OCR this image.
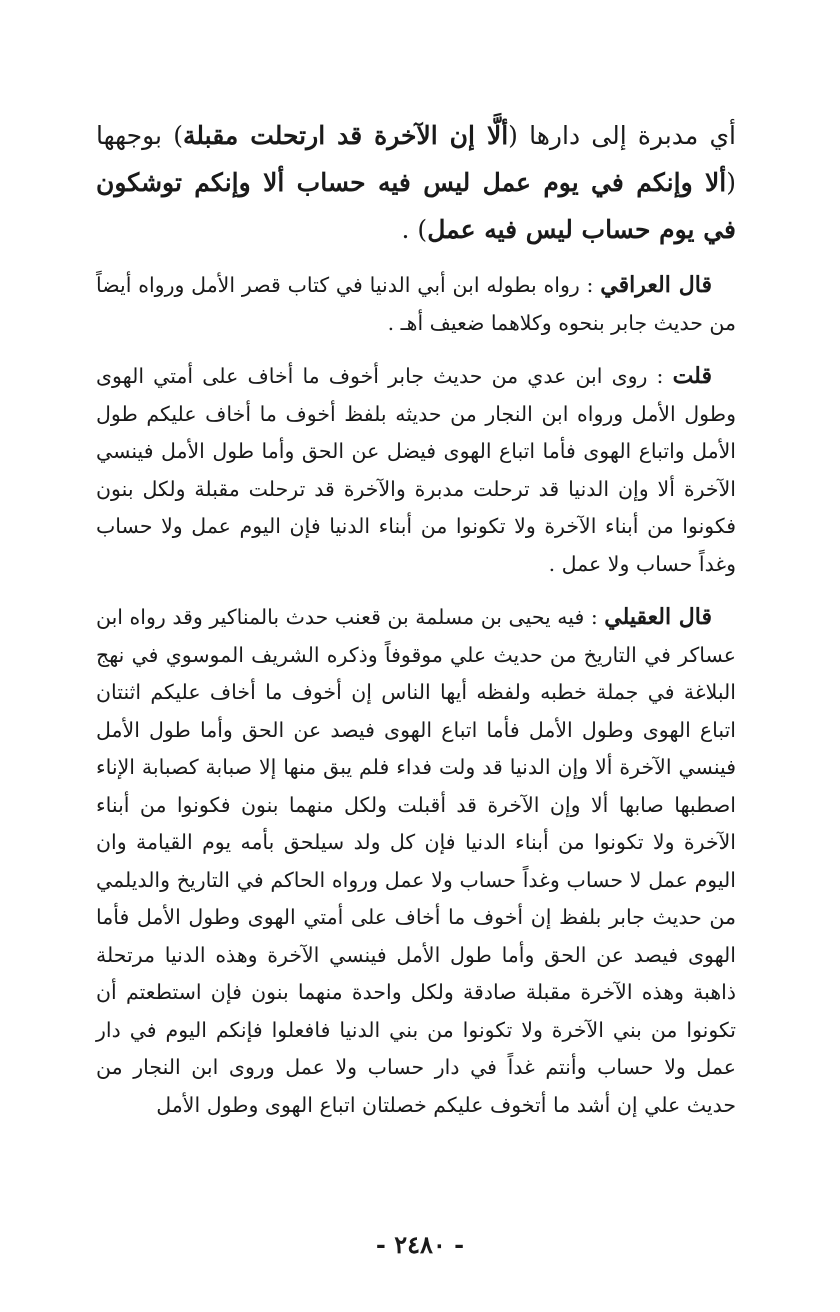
أي مدبرة إلى دارها (ألَّا إن الآخرة قد ارتحلت مقبلة) بوجهها (ألا وإنكم في يوم عمل ليس فيه حساب ألا وإنكم توشكون في يوم حساب ليس فيه عمل) .

قال العراقي : رواه بطوله ابن أبي الدنيا في كتاب قصر الأمل ورواه أيضاً من حديث جابر بنحوه وكلاهما ضعيف أهـ .

قلت : روى ابن عدي من حديث جابر أخوف ما أخاف على أمتي الهوى وطول الأمل ورواه ابن النجار من حديثه بلفظ أخوف ما أخاف عليكم طول الأمل واتباع الهوى فأما اتباع الهوى فيضل عن الحق وأما طول الأمل فينسي الآخرة ألا وإن الدنيا قد ترحلت مدبرة والآخرة قد ترحلت مقبلة ولكل بنون فكونوا من أبناء الآخرة ولا تكونوا من أبناء الدنيا فإن اليوم عمل ولا حساب وغداً حساب ولا عمل .

قال العقيلي : فيه يحيى بن مسلمة بن قعنب حدث بالمناكير وقد رواه ابن عساكر في التاريخ من حديث علي موقوفاً وذكره الشريف الموسوي في نهج البلاغة في جملة خطبه ولفظه أيها الناس إن أخوف ما أخاف عليكم اثنتان اتباع الهوى وطول الأمل فأما اتباع الهوى فيصد عن الحق وأما طول الأمل فينسي الآخرة ألا وإن الدنيا قد ولت فداء فلم يبق منها إلا صبابة كصبابة الإناء اصطبها صابها ألا وإن الآخرة قد أقبلت ولكل منهما بنون فكونوا من أبناء الآخرة ولا تكونوا من أبناء الدنيا فإن كل ولد سيلحق بأمه يوم القيامة وان اليوم عمل لا حساب وغداً حساب ولا عمل ورواه الحاكم في التاريخ والديلمي من حديث جابر بلفظ إن أخوف ما أخاف على أمتي الهوى وطول الأمل فأما الهوى فيصد عن الحق وأما طول الأمل فينسي الآخرة وهذه الدنيا مرتحلة ذاهبة وهذه الآخرة مقبلة صادقة ولكل واحدة منهما بنون فإن استطعتم أن تكونوا من بني الآخرة ولا تكونوا من بني الدنيا فافعلوا فإنكم اليوم في دار عمل ولا حساب وأنتم غداً في دار حساب ولا عمل وروى ابن النجار من حديث علي إن أشد ما أتخوف عليكم خصلتان اتباع الهوى وطول الأمل

- ٢٤٨٠ -
